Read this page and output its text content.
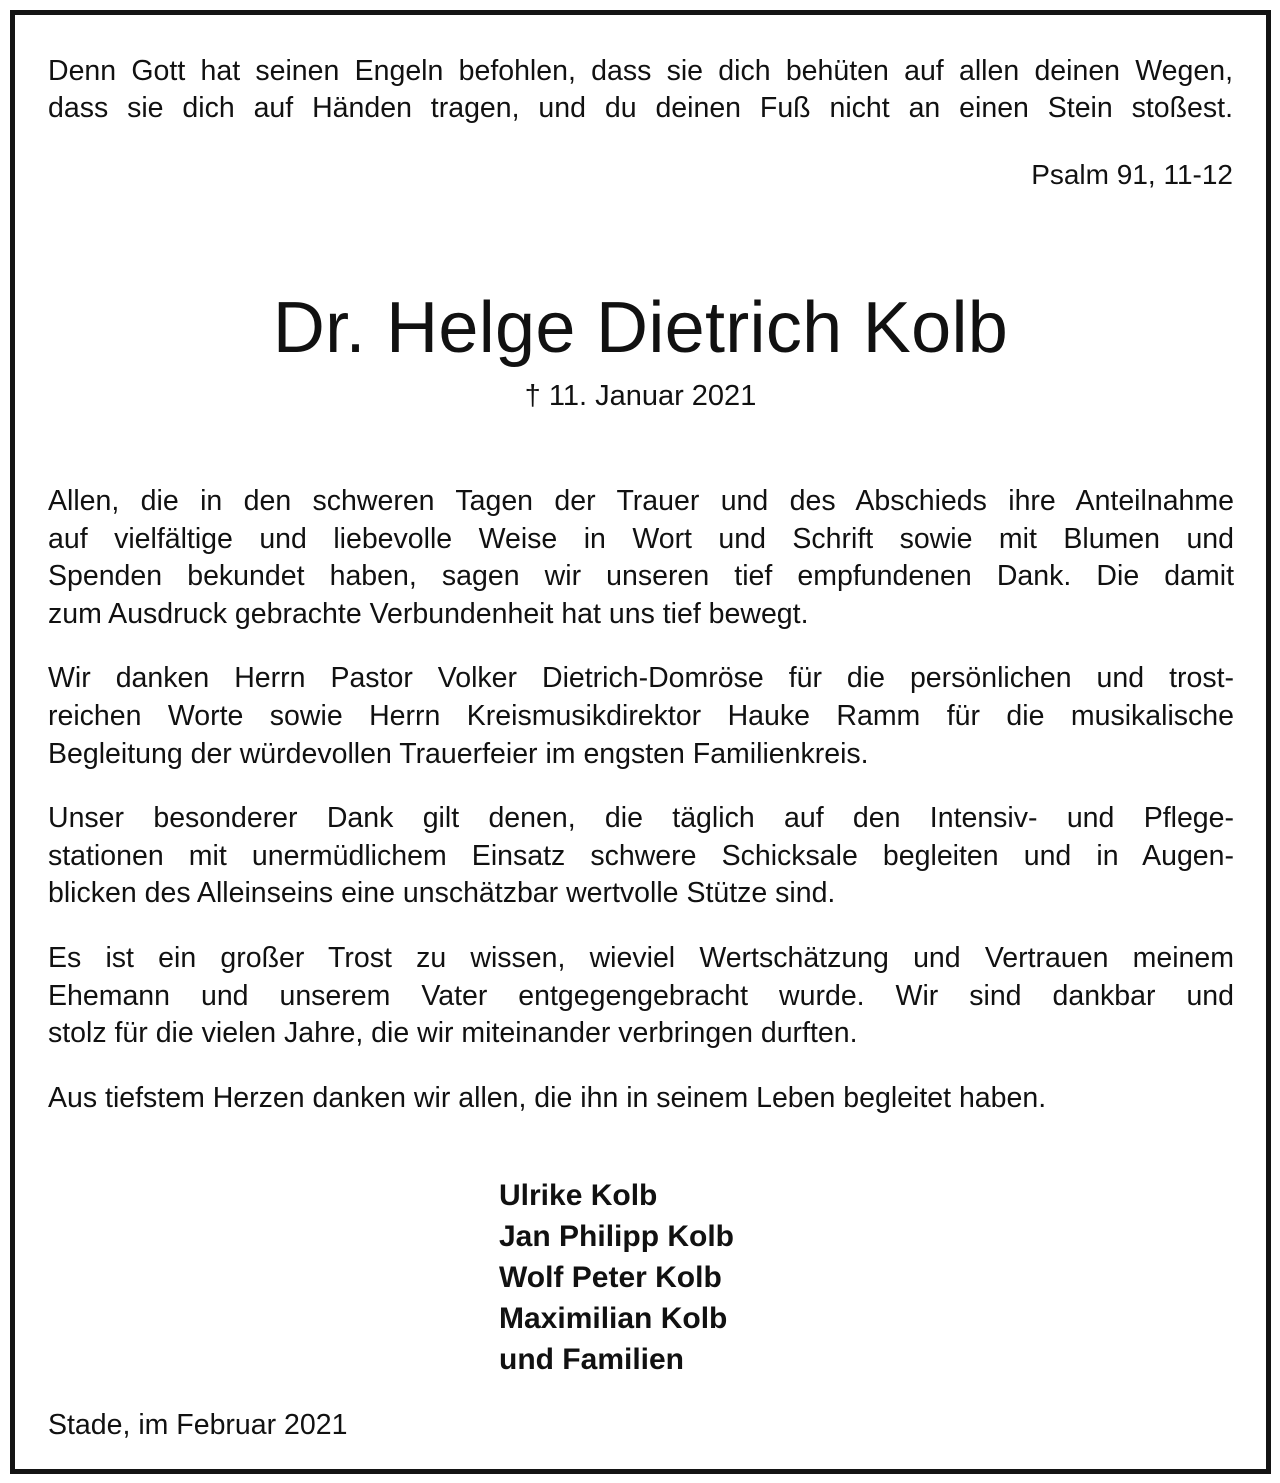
Denn Gott hat seinen Engeln befohlen, dass sie dich behüten auf allen deinen Wegen,
dass sie dich auf Händen tragen, und du deinen Fuß nicht an einen Stein stoßest.
Psalm 91, 11-12
Dr. Helge Dietrich Kolb
† 11. Januar 2021

Allen, die in den schweren Tagen der Trauer und des Abschieds ihre Anteilnahme
auf vielfältige und liebevolle Weise in Wort und Schrift sowie mit Blumen und
Spenden bekundet haben, sagen wir unseren tief empfundenen Dank. Die damit
zum Ausdruck gebrachte Verbundenheit hat uns tief bewegt.

Wir danken Herrn Pastor Volker Dietrich-Domröse für die persönlichen und trost-
reichen Worte sowie Herrn Kreismusikdirektor Hauke Ramm für die musikalische
Begleitung der würdevollen Trauerfeier im engsten Familienkreis.

Unser besonderer Dank gilt denen, die täglich auf den Intensiv- und Pflege-
stationen mit unermüdlichem Einsatz schwere Schicksale begleiten und in Augen-
blicken des Alleinseins eine unschätzbar wertvolle Stütze sind.

Es ist ein großer Trost zu wissen, wieviel Wertschätzung und Vertrauen meinem
Ehemann und unserem Vater entgegengebracht wurde. Wir sind dankbar und
stolz für die vielen Jahre, die wir miteinander verbringen durften.

Aus tiefstem Herzen danken wir allen, die ihn in seinem Leben begleitet haben.

Ulrike Kolb
Jan Philipp Kolb
Wolf Peter Kolb
Maximilian Kolb
und Familien
Stade, im Februar 2021
